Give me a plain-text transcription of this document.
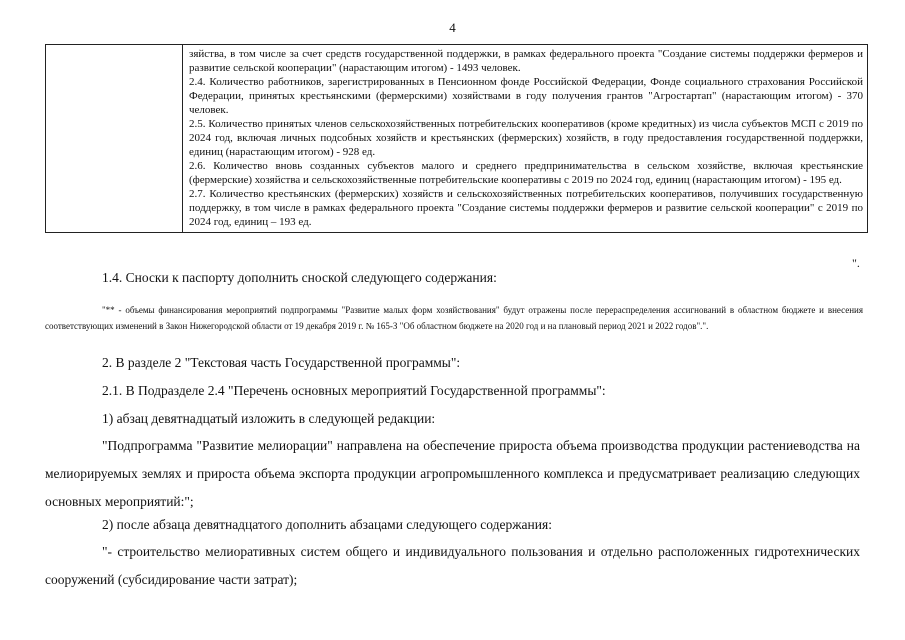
4

зяйства, в том числе за счет средств государственной поддержки, в рамках федерального проекта "Создание системы поддержки фермеров и развитие сельской кооперации" (нарастающим итогом) - 1493 человек.

2.4. Количество работников, зарегистрированных в Пенсионном фонде Российской Федерации, Фонде социального страхования Российской Федерации, принятых крестьянскими (фермерскими) хозяйствами в году получения грантов "Агростартап" (нарастающим итогом) - 370 человек.

2.5. Количество принятых членов сельскохозяйственных потребительских кооперативов (кроме кредитных) из числа субъектов МСП с 2019 по 2024 год, включая личных подсобных хозяйств и крестьянских (фермерских) хозяйств, в году предоставления государственной поддержки, единиц (нарастающим итогом) - 928 ед.

2.6. Количество вновь созданных субъектов малого и среднего предпринимательства в сельском хозяйстве, включая крестьянские (фермерские) хозяйства и сельскохозяйственные потребительские кооперативы с 2019 по 2024 год, единиц (нарастающим итогом) - 195 ед.

2.7. Количество крестьянских (фермерских) хозяйств и сельскохозяйственных потребительских кооперативов, получивших государственную поддержку, в том числе в рамках федерального проекта "Создание системы поддержки фермеров и развитие сельской кооперации" с 2019 по 2024 год, единиц – 193 ед.

".

1.4. Сноски к паспорту дополнить сноской следующего содержания:

"** - объемы финансирования мероприятий подпрограммы "Развитие малых форм хозяйствования" будут отражены после перераспределения ассигнований в областном бюджете и внесения соответствующих изменений в Закон Нижегородской области от 19 декабря 2019 г. № 165-З "Об областном бюджете на 2020 год и на плановый период 2021 и 2022 годов".".

2. В разделе 2 "Текстовая часть Государственной программы":

2.1. В Подразделе 2.4 "Перечень основных мероприятий Государственной программы":

1) абзац девятнадцатый изложить в следующей редакции:

"Подпрограмма "Развитие мелиорации" направлена на обеспечение прироста объема производства продукции растениеводства на мелиорируемых землях и прироста объема экспорта продукции агропромышленного комплекса и предусматривает реализацию следующих основных мероприятий:";

2) после абзаца девятнадцатого дополнить абзацами следующего содержания:

"- строительство мелиоративных систем общего и индивидуального пользования и отдельно расположенных гидротехнических сооружений (субсидирование части затрат);
